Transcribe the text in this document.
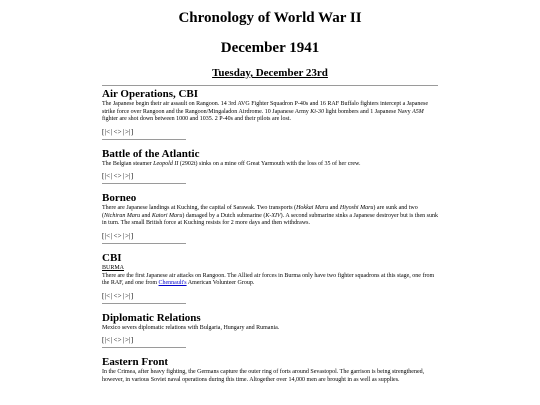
Chronology of World War II
December 1941
Tuesday, December 23rd
Air Operations, CBI

The Japanese begin their air assault on Rangoon. 14 3rd AVG Fighter Squadron P-40s and 16 RAF Buffalo fighters intercept a Japanese strike force over Rangoon and the Rangoon/Mingaladon Airdrome. 10 Japanese Army Ki-30 light bombers and 1 Japanese Navy A5M fighter are shot down between 1000 and 1035. 2 P-40s and their pilots are lost.

[|< | <> | >|]
Battle of the Atlantic

The Belgian steamer Leopold II (2902t) sinks on a mine off Great Yarmouth with the loss of 35 of her crew.

[|< | <> | >|]
Borneo

There are Japanese landings at Kuching, the capital of Sarawak. Two transports (Hokkai Maru and Hiyoshi Maru) are sunk and two (Nichiran Maru and Katori Maru) damaged by a Dutch submarine (K-XIV). A second submarine sinks a Japanese destroyer but is then sunk in turn. The small British force at Kuching resists for 2 more days and then withdraws.

[|< | <> | >|]
CBI
BURMA

There are the first Japanese air attacks on Rangoon. The Allied air forces in Burma only have two fighter squadrons at this stage, one from the RAF, and one from Chennault's American Volunteer Group.

[|< | <> | >|]
Diplomatic Relations

Mexico severs diplomatic relations with Bulgaria, Hungary and Rumania.

[|< | <> | >|]
Eastern Front

In the Crimea, after heavy fighting, the Germans capture the outer ring of forts around Sevastopol. The garrison is being strengthened, however, in various Soviet naval operations during this time. Altogether over 14,000 men are brought in as well as supplies.
